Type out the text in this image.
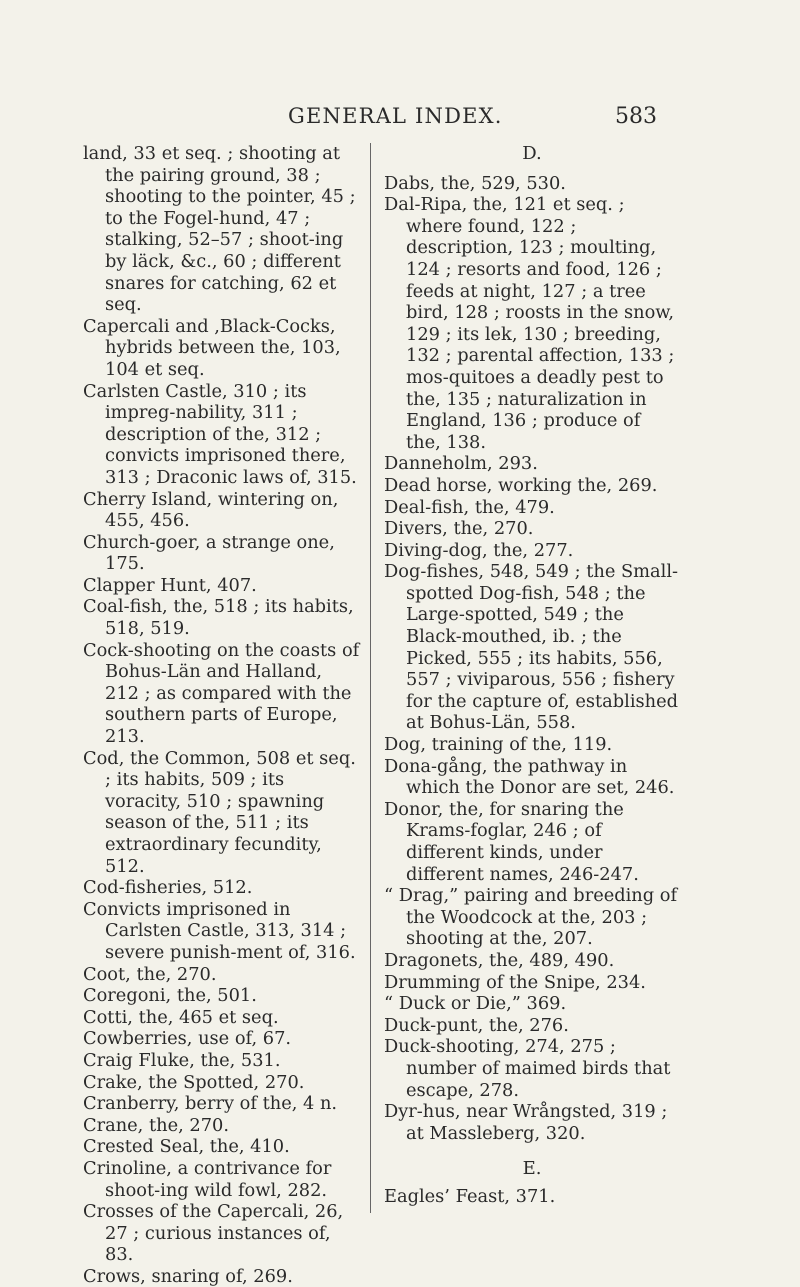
GENERAL INDEX.	583

land, 33 et seq. ; shooting at the pairing ground, 38 ; shooting to the pointer, 45 ; to the Fogel-hund, 47 ; stalking, 52–57 ; shoot-ing by läck, &c., 60 ; different snares for catching, 62 et seq.

Capercali and ,Black-Cocks, hybrids between the, 103, 104 et seq.

Carlsten Castle, 310 ; its impreg-nability, 311 ; description of the, 312 ; convicts imprisoned there, 313 ; Draconic laws of, 315.

Cherry Island, wintering on, 455, 456.

Church-goer, a strange one, 175.

Clapper Hunt, 407.

Coal-fish, the, 518 ; its habits, 518, 519.

Cock-shooting on the coasts of Bohus-Län and Halland, 212 ; as compared with the southern parts of Europe, 213.

Cod, the Common, 508 et seq. ; its habits, 509 ; its voracity, 510 ; spawning season of the, 511 ; its extraordinary fecundity, 512.

Cod-fisheries, 512.

Convicts imprisoned in Carlsten Castle, 313, 314 ; severe punish-ment of, 316.

Coot, the, 270.

Coregoni, the, 501.

Cotti, the, 465 et seq.

Cowberries, use of, 67.

Craig Fluke, the, 531.

Crake, the Spotted, 270.

Cranberry, berry of the, 4 n.

Crane, the, 270.

Crested Seal, the, 410.

Crinoline, a contrivance for shoot-ing wild fowl, 282.

Crosses of the Capercali, 26, 27 ; curious instances of, 83.

Crows, snaring of, 269.

D.

Dabs, the, 529, 530.

Dal-Ripa, the, 121 et seq. ; where found, 122 ; description, 123 ; moulting, 124 ; resorts and food, 126 ; feeds at night, 127 ; a tree bird, 128 ; roosts in the snow, 129 ; its lek, 130 ; breeding, 132 ; parental affection, 133 ; mos-quitoes a deadly pest to the, 135 ; naturalization in England, 136 ; produce of the, 138.

Danneholm, 293.

Dead horse, working the, 269.

Deal-fish, the, 479.

Divers, the, 270.

Diving-dog, the, 277.

Dog-fishes, 548, 549 ; the Small-spotted Dog-fish, 548 ; the Large-spotted, 549 ; the Black-mouthed, ib. ; the Picked, 555 ; its habits, 556, 557 ; viviparous, 556 ; fishery for the capture of, established at Bohus-Län, 558.

Dog, training of the, 119.

Dona-gång, the pathway in which the Donor are set, 246.

Donor, the, for snaring the Krams-foglar, 246 ; of different kinds, under different names, 246-247.

“ Drag,” pairing and breeding of the Woodcock at the, 203 ; shooting at the, 207.

Dragonets, the, 489, 490.

Drumming of the Snipe, 234.

“ Duck or Die,” 369.

Duck-punt, the, 276.

Duck-shooting, 274, 275 ; number of maimed birds that escape, 278.

Dyr-hus, near Wrångsted, 319 ; at Massleberg, 320.

E.

Eagles’ Feast, 371.
